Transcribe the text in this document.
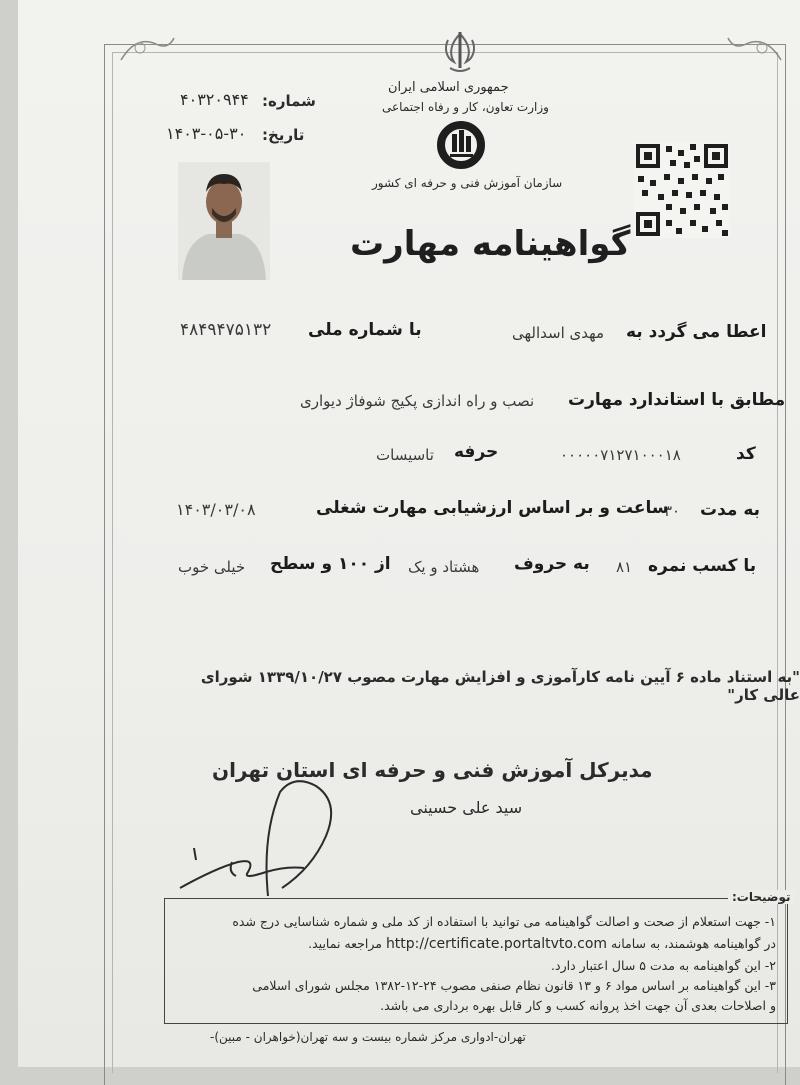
جمهوری اسلامی ایران
وزارت تعاون، کار و رفاه اجتماعی
سازمان آموزش فنی و حرفه ای کشور
شماره:
۴۰۳۲۰۹۴۴
تاریخ:
۱۴۰۳-۰۵-۳۰
گواهینامه مهارت
اعطا می گردد به
مهدی اسدالهی
با شماره ملی
۴۸۴۹۴۷۵۱۳۲
مطابق با استاندارد مهارت
نصب و راه اندازی پکیج شوفاژ دیواری
کد
۰۰۰۰۰۷۱۲۷۱۰۰۰۱۸
حرفه
تاسیسات
به مدت
۳۰
ساعت و بر اساس ارزشیابی مهارت شغلی
۱۴۰۳/۰۳/۰۸
با کسب نمره
۸۱
به حروف
هشتاد و یک
از ۱۰۰ و سطح
خیلی خوب
"به استناد ماده ۶ آیین نامه کارآموزی و افزایش مهارت مصوب ۱۳۳۹/۱۰/۲۷ شورای عالی کار"
مدیرکل آموزش فنی و حرفه ای استان تهران
سید علی حسینی
توضیحات:
۱- جهت استعلام از صحت و اصالت گواهینامه می توانید با استفاده از کد ملی و شماره شناسایی درج شده
در گواهینامه هوشمند، به سامانه http://certificate.portaltvto.com مراجعه نمایید.
۲- این گواهینامه به مدت ۵ سال اعتبار دارد.
۳- این گواهینامه بر اساس مواد ۶ و ۱۳ قانون نظام صنفی مصوب ۲۴-۱۲-۱۳۸۲ مجلس شورای اسلامی
و اصلاحات بعدی آن جهت اخذ پروانه کسب و کار قابل بهره برداری می باشد.
تهران-ادواری مرکز شماره بیست و سه تهران(خواهران - مبین)-
